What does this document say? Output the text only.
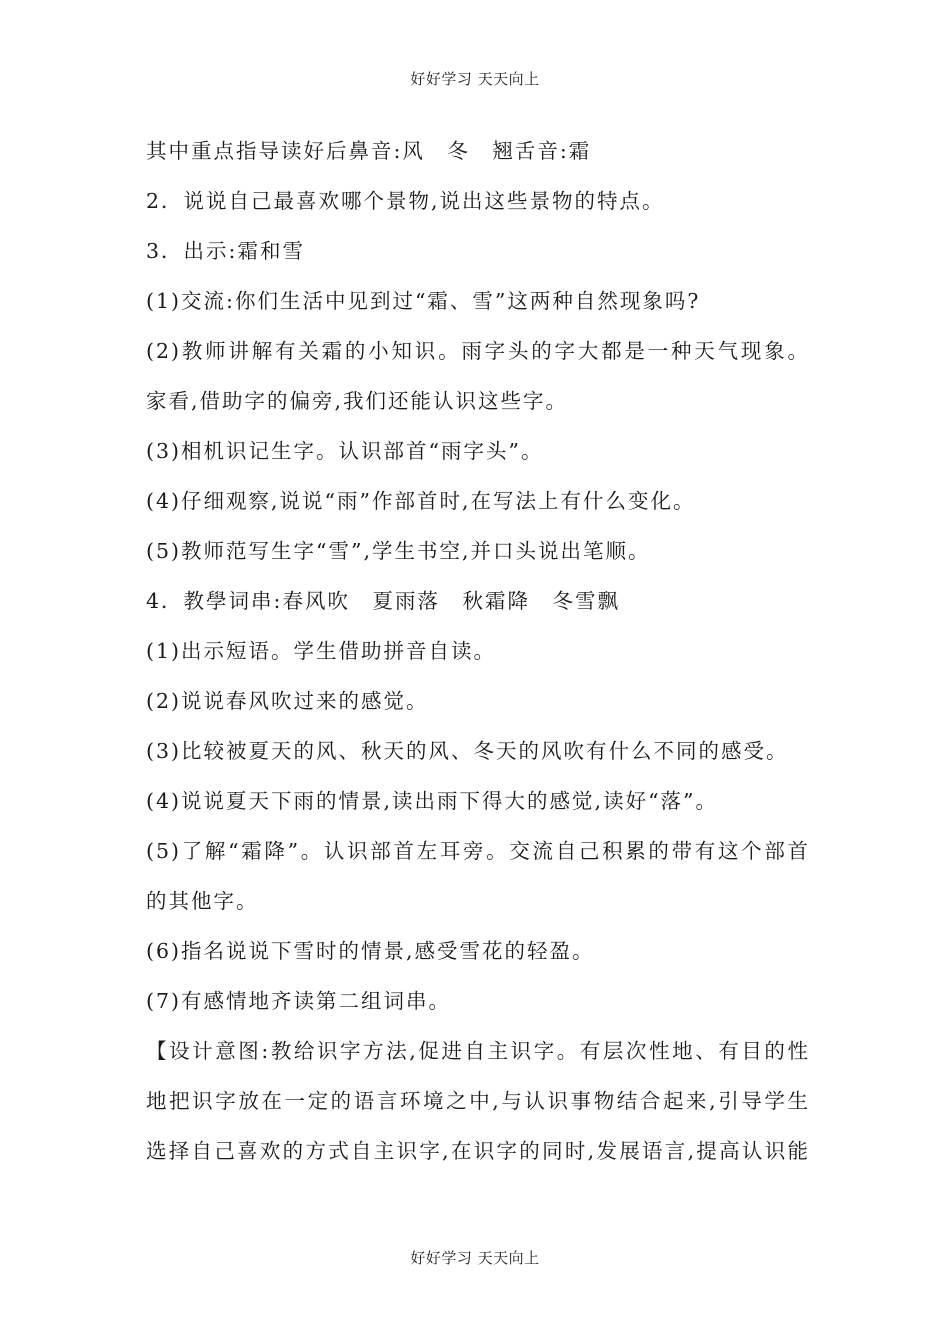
好好学习 天天向上
其中重点指导读好后鼻音:风　冬　翘舌音:霜
2．说说自己最喜欢哪个景物,说出这些景物的特点。
3．出示:霜和雪
(1)交流:你们生活中见到过“霜、雪”这两种自然现象吗?
(2)教师讲解有关霜的小知识。雨字头的字大都是一种天气现象。
家看,借助字的偏旁,我们还能认识这些字。
(3)相机识记生字。认识部首“雨字头”。
(4)仔细观察,说说“雨”作部首时,在写法上有什么变化。
(5)教师范写生字“雪”,学生书空,并口头说出笔顺。
4．教學词串:春风吹　夏雨落　秋霜降　冬雪飘
(1)出示短语。学生借助拼音自读。
(2)说说春风吹过来的感觉。
(3)比较被夏天的风、秋天的风、冬天的风吹有什么不同的感受。
(4)说说夏天下雨的情景,读出雨下得大的感觉,读好“落”。
(5)了解“霜降”。认识部首左耳旁。交流自己积累的带有这个部首
的其他字。
(6)指名说说下雪时的情景,感受雪花的轻盈。
(7)有感情地齐读第二组词串。
【设计意图:教给识字方法,促进自主识字。有层次性地、有目的性
地把识字放在一定的语言环境之中,与认识事物结合起来,引导学生
选择自己喜欢的方式自主识字,在识字的同时,发展语言,提高认识能
好好学习 天天向上
